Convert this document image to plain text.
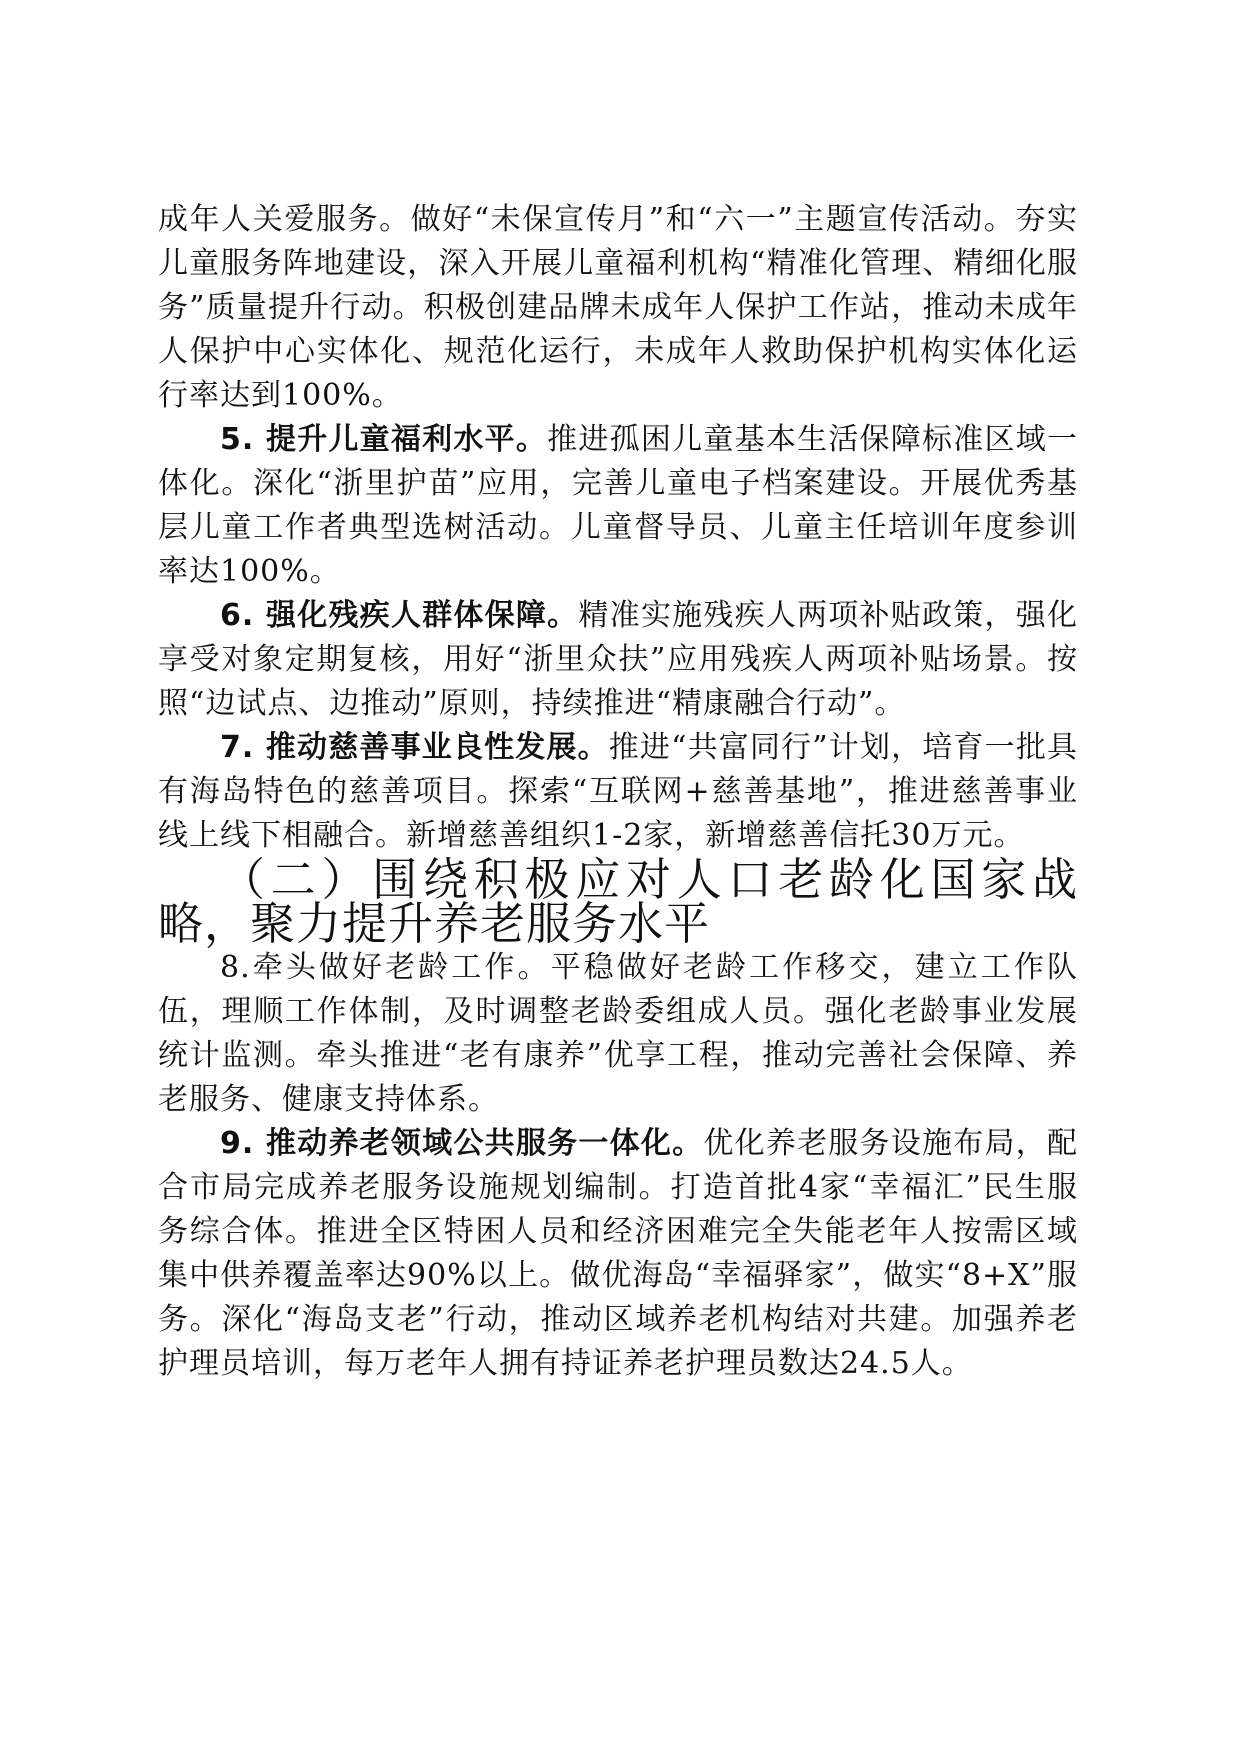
成年人关爱服务。做好“未保宣传月”和“六一”主题宣传活动。夯实儿童服务阵地建设，深入开展儿童福利机构“精准化管理、精细化服务”质量提升行动。积极创建品牌未成年人保护工作站，推动未成年人保护中心实体化、规范化运行，未成年人救助保护机构实体化运行率达到100%。

5. 提升儿童福利水平。推进孤困儿童基本生活保障标准区域一体化。深化“浙里护苗”应用，完善儿童电子档案建设。开展优秀基层儿童工作者典型选树活动。儿童督导员、儿童主任培训年度参训率达100%。

6. 强化残疾人群体保障。精准实施残疾人两项补贴政策，强化享受对象定期复核，用好“浙里众扶”应用残疾人两项补贴场景。按照“边试点、边推动”原则，持续推进“精康融合行动”。

7. 推动慈善事业良性发展。推进“共富同行”计划，培育一批具有海岛特色的慈善项目。探索“互联网+慈善基地”，推进慈善事业线上线下相融合。新增慈善组织1-2家，新增慈善信托30万元。

（二）围绕积极应对人口老龄化国家战略，聚力提升养老服务水平

8.牵头做好老龄工作。平稳做好老龄工作移交，建立工作队伍，理顺工作体制，及时调整老龄委组成人员。强化老龄事业发展统计监测。牵头推进“老有康养”优享工程，推动完善社会保障、养老服务、健康支持体系。

9. 推动养老领域公共服务一体化。优化养老服务设施布局，配合市局完成养老服务设施规划编制。打造首批4家“幸福汇”民生服务综合体。推进全区特困人员和经济困难完全失能老年人按需区域集中供养覆盖率达90%以上。做优海岛“幸福驿家”，做实“8+X”服务。深化“海岛支老”行动，推动区域养老机构结对共建。加强养老护理员培训，每万老年人拥有持证养老护理员数达24.5人。
